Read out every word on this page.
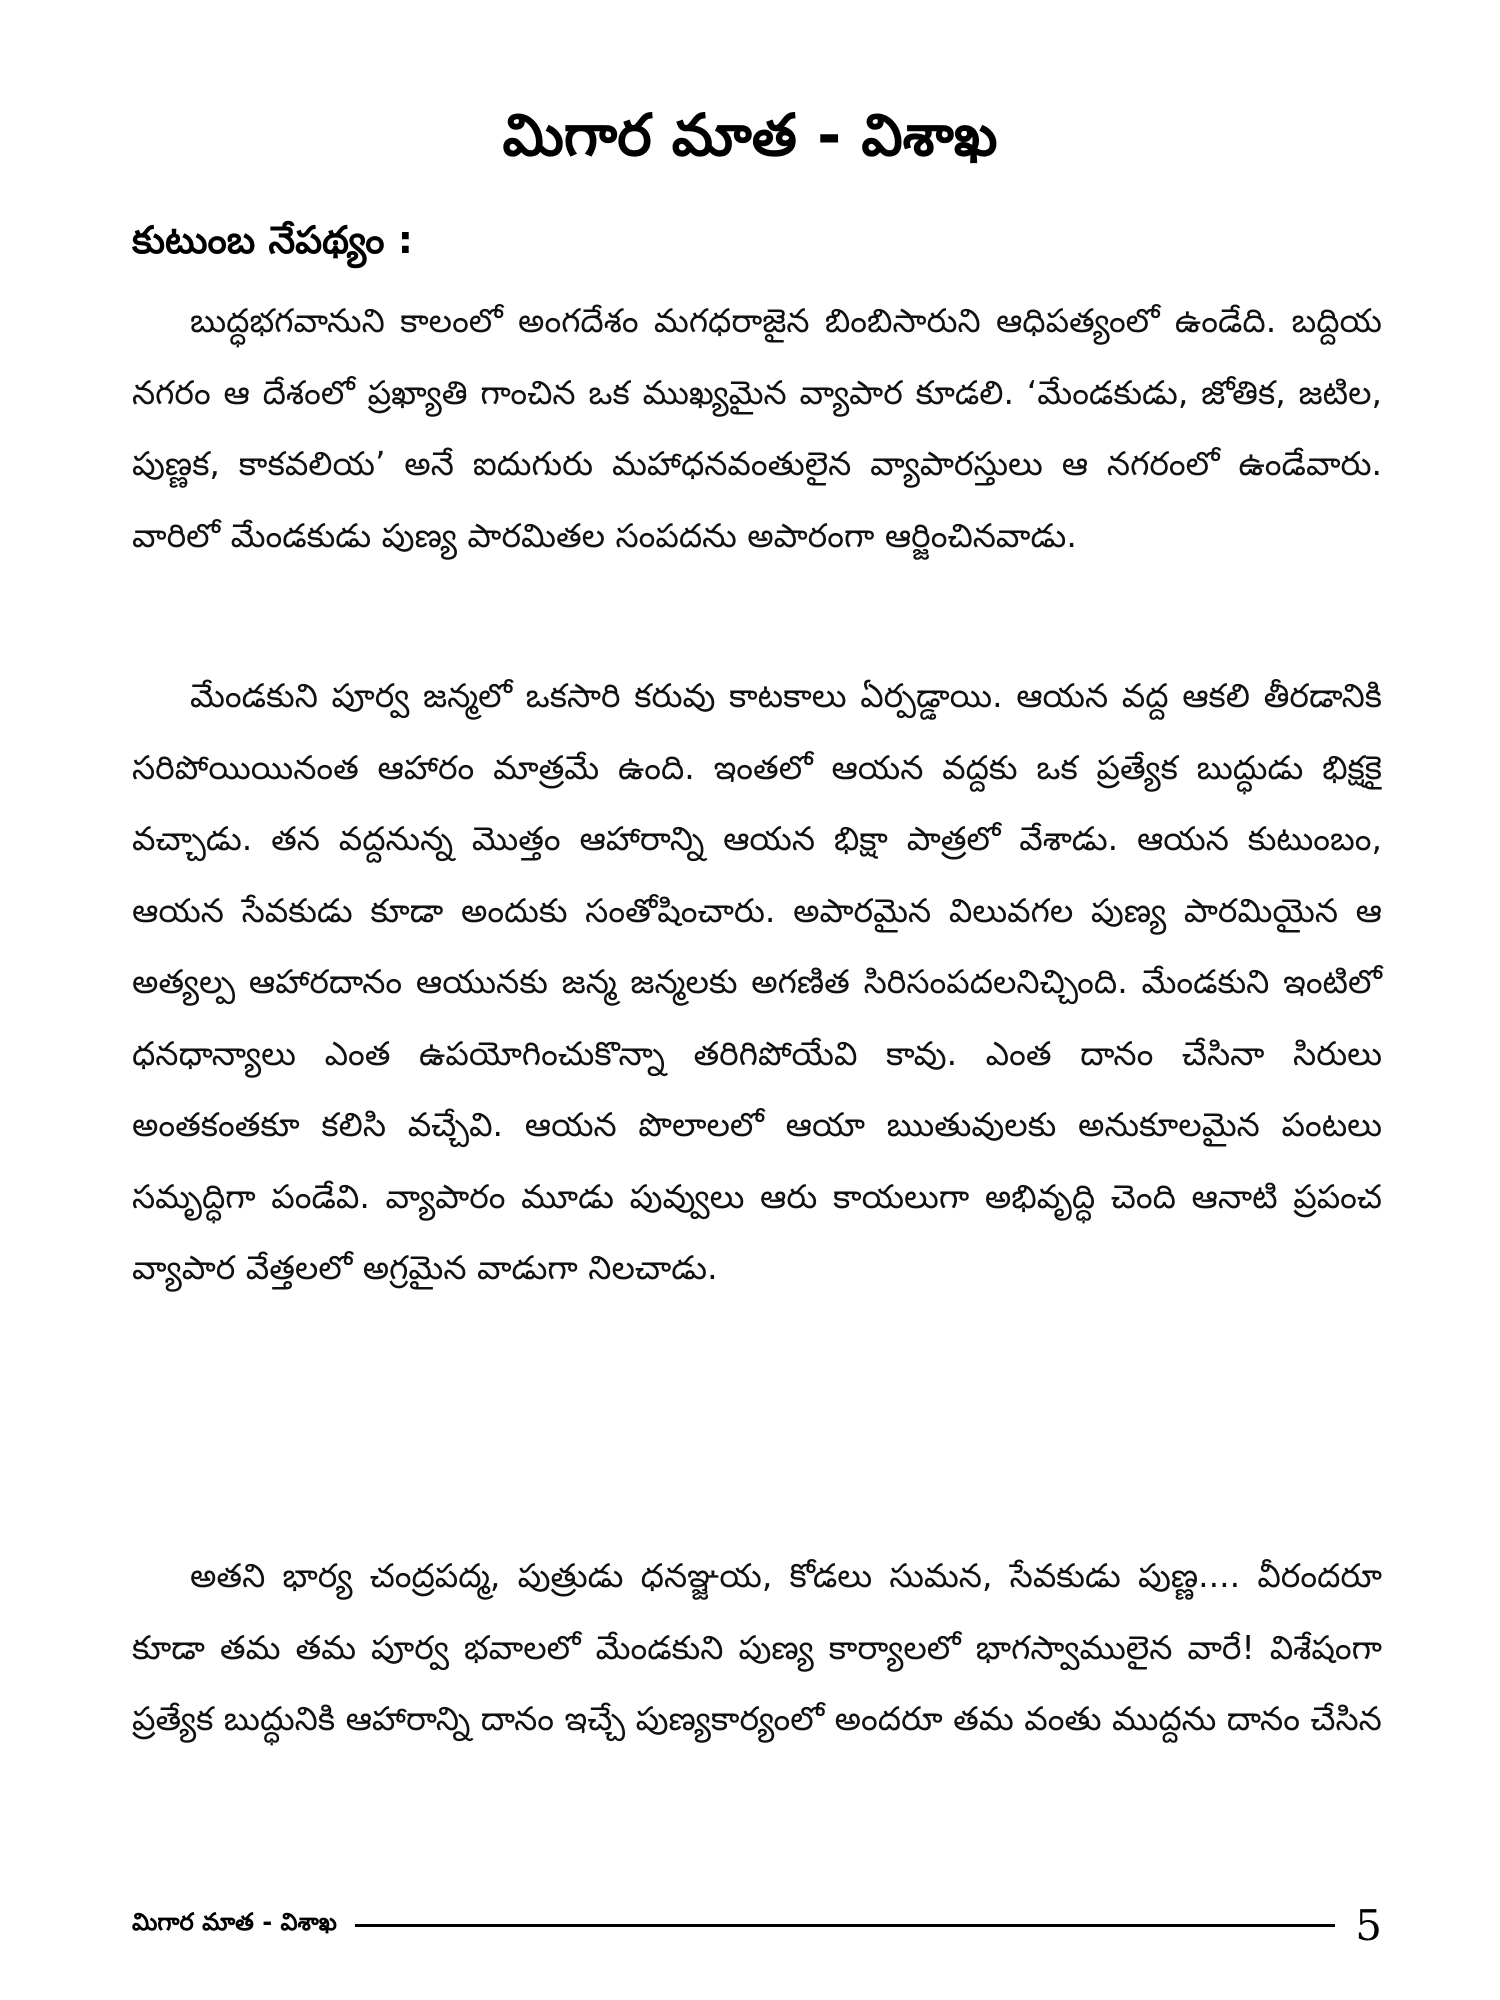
మిగార మాత - విశాఖ
కుటుంబ నేపథ్యం :

బుద్ధభగవానుని కాలంలో అంగదేశం మగధరాజైన బింబిసారుని ఆధిపత్యంలో ఉండేది. బద్దియ నగరం ఆ దేశంలో ప్రఖ్యాతి గాంచిన ఒక ముఖ్యమైన వ్యాపార కూడలి. ‘మేండకుడు, జోతిక, జటిల, పుణ్ణక, కాకవలియ’ అనే ఐదుగురు మహాధనవంతులైన వ్యాపారస్తులు ఆ నగరంలో ఉండేవారు. వారిలో మేండకుడు పుణ్య పారమితల సంపదను అపారంగా ఆర్జించినవాడు.

మేండకుని పూర్వ జన్మలో ఒకసారి కరువు కాటకాలు ఏర్పడ్డాయి. ఆయన వద్ద ఆకలి తీరడానికి సరిపోయియినంత ఆహారం మాత్రమే ఉంది. ఇంతలో ఆయన వద్దకు ఒక ప్రత్యేక బుద్ధుడు భిక్షకై వచ్చాడు. తన వద్దనున్న మొత్తం ఆహారాన్ని ఆయన భిక్షా పాత్రలో వేశాడు. ఆయన కుటుంబం, ఆయన సేవకుడు కూడా అందుకు సంతోషించారు. అపారమైన విలువగల పుణ్య పారమియైన ఆ అత్యల్ప ఆహారదానం ఆయునకు జన్మ జన్మలకు అగణిత సిరిసంపదలనిచ్చింది. మేండకుని ఇంటిలో ధనధాన్యాలు ఎంత ఉపయోగించుకొన్నా తరిగిపోయేవి కావు. ఎంత దానం చేసినా సిరులు అంతకంతకూ కలిసి వచ్చేవి. ఆయన పొలాలలో ఆయా ఋతువులకు అనుకూలమైన పంటలు సమృద్ధిగా పండేవి. వ్యాపారం మూడు పువ్వులు ఆరు కాయలుగా అభివృద్ధి చెంది ఆనాటి ప్రపంచ వ్యాపార వేత్తలలో అగ్రమైన వాడుగా నిలచాడు.

అతని భార్య చంద్రపద్మ, పుత్రుడు ధనఞ్జయ, కోడలు సుమన, సేవకుడు పుణ్ణ.... వీరందరూ కూడా తమ తమ పూర్వ భవాలలో మేండకుని పుణ్య కార్యాలలో భాగస్వాములైన వారే! విశేషంగా ప్రత్యేక బుద్ధునికి ఆహారాన్ని దానం ఇచ్చే పుణ్యకార్యంలో అందరూ తమ వంతు ముద్దను దానం చేసిన

మిగార మాత - విశాఖ	5
